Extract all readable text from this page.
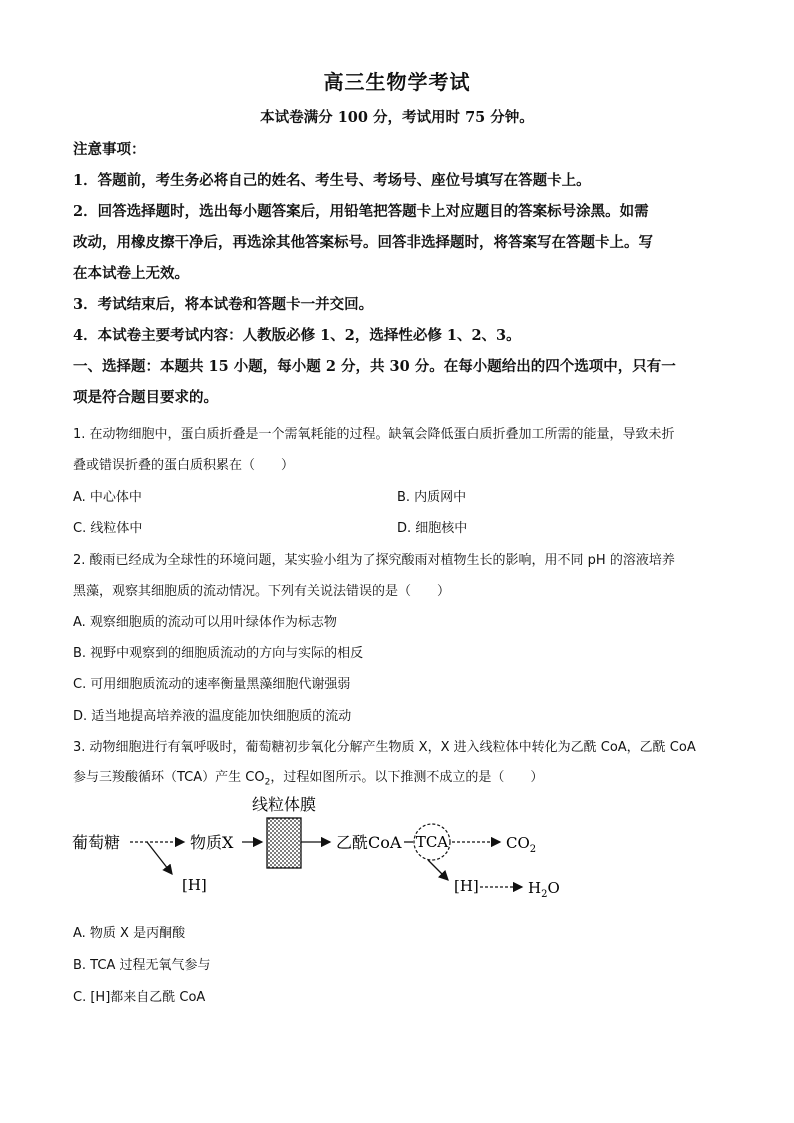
高三生物学考试
本试卷满分 100 分，考试用时 75 分钟。
注意事项：
1．答题前，考生务必将自己的姓名、考生号、考场号、座位号填写在答题卡上。
2．回答选择题时，选出每小题答案后，用铅笔把答题卡上对应题目的答案标号涂黑。如需
改动，用橡皮擦干净后，再选涂其他答案标号。回答非选择题时，将答案写在答题卡上。写
在本试卷上无效。
3．考试结束后，将本试卷和答题卡一并交回。
4．本试卷主要考试内容：人教版必修 1、2，选择性必修 1、2、3。
一、选择题：本题共 15 小题，每小题 2 分，共 30 分。在每小题给出的四个选项中，只有一
项是符合题目要求的。
1. 在动物细胞中，蛋白质折叠是一个需氧耗能的过程。缺氧会降低蛋白质折叠加工所需的能量，导致未折
叠或错误折叠的蛋白质积累在（　　）
A. 中心体中	B. 内质网中
C. 线粒体中	D. 细胞核中
2. 酸雨已经成为全球性的环境问题，某实验小组为了探究酸雨对植物生长的影响，用不同 pH 的溶液培养
黑藻，观察其细胞质的流动情况。下列有关说法错误的是（　　）
A. 观察细胞质的流动可以用叶绿体作为标志物
B. 视野中观察到的细胞质流动的方向与实际的相反
C. 可用细胞质流动的速率衡量黑藻细胞代谢强弱
D. 适当地提高培养液的温度能加快细胞质的流动
3. 动物细胞进行有氧呼吸时，葡萄糖初步氧化分解产生物质 X，X 进入线粒体中转化为乙酰 CoA，乙酰 CoA
参与三羧酸循环（TCA）产生 $CO_2$，过程如图所示。以下推测不成立的是（　　）
线粒体膜
葡萄糖	物质X	乙酰CoA TCA	$CO_2$
[H]	[H]	$H_2O$
A. 物质 X 是丙酮酸
B. TCA 过程无氧气参与
C. [H]都来自乙酰 CoA
